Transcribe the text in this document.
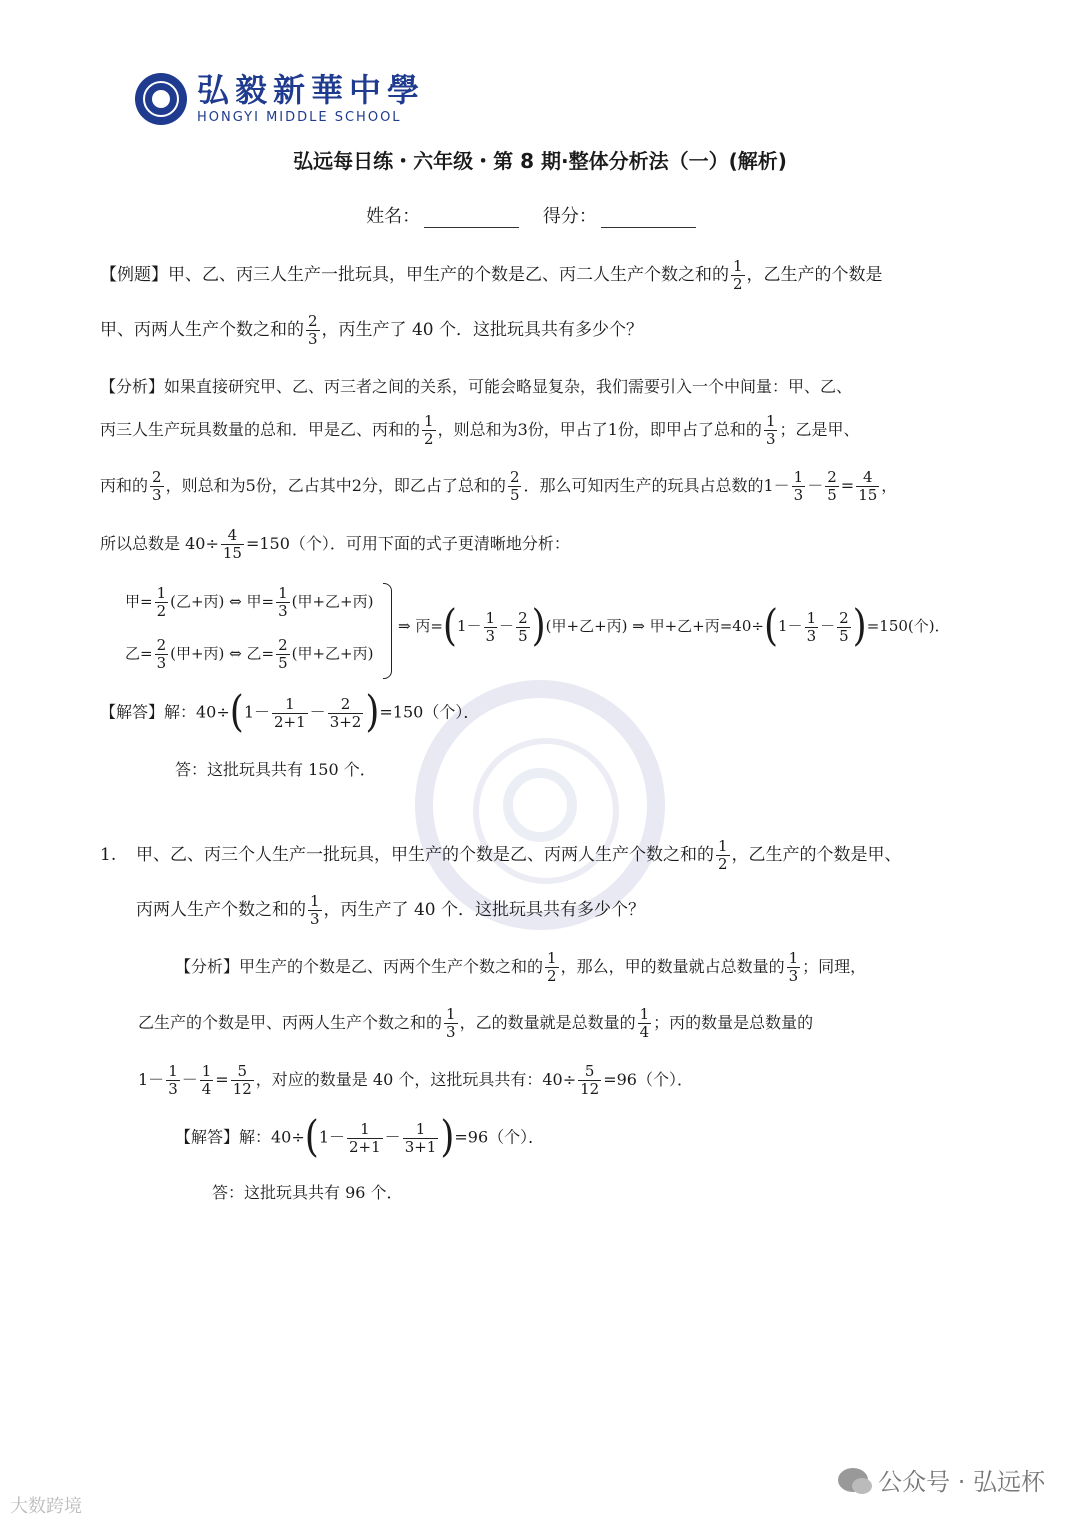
弘毅新華中學
HONGYI MIDDLE SCHOOL
弘远每日练・六年级・第 8 期·整体分析法（一）(解析)
姓名：	得分：
【例题】甲、乙、丙三人生产一批玩具，甲生产的个数是乙、丙二人生产个数之和的 $\frac{1}{2}$ ，乙生产的个数是
甲、丙两人生产个数之和的 $\frac{2}{3}$ ，丙生产了 40 个．这批玩具共有多少个？
【分析】如果直接研究甲、乙、丙三者之间的关系，可能会略显复杂，我们需要引入一个中间量：甲、乙、
丙三人生产玩具数量的总和．甲是乙、丙和的 $\frac{1}{2}$ ，则总和为3份，甲占了1份，即甲占了总和的 $\frac{1}{3}$ ；乙是甲、
丙和的 $\frac{2}{3}$ ，则总和为5份，乙占其中2分，即乙占了总和的 $\frac{2}{5}$ ．那么可知丙生产的玩具占总数的$1- \frac{1}{3} - \frac{2}{5} = \frac{4}{15}$ ，
所以总数是 $40\div \frac{4}{15} =150$（个）．可用下面的式子更清晰地分析：
甲= $\frac{1}{2}$ (乙+丙) ⇔ 甲= $\frac{1}{3}$ (甲+乙+丙)
乙= $\frac{2}{3}$ (甲+丙) ⇔ 乙= $\frac{2}{5}$ (甲+乙+丙)
⇒ 丙$=(1- \frac{1}{3} - \frac{2}{5}$ )(甲+乙+丙) ⇒ 甲+乙+丙$=40\div(1- \frac{1}{3} - \frac{2}{5} )=150$(个)．
【解答】解：$40\div(1- \frac{1}{2+1} - \frac{2}{3+2} )=150$（个）．
答：这批玩具共有 150 个．
1. 甲、乙、丙三个人生产一批玩具，甲生产的个数是乙、丙两人生产个数之和的 $\frac{1}{2}$ ，乙生产的个数是甲、
丙两人生产个数之和的 $\frac{1}{3}$ ，丙生产了 40 个．这批玩具共有多少个？
【分析】甲生产的个数是乙、丙两个生产个数之和的 $\frac{1}{2}$ ，那么，甲的数量就占总数量的 $\frac{1}{3}$ ；同理，
乙生产的个数是甲、丙两人生产个数之和的 $\frac{1}{3}$ ，乙的数量就是总数量的 $\frac{1}{4}$ ；丙的数量是总数量的
$1- \frac{1}{3} - \frac{1}{4} = \frac{5}{12}$ ，对应的数量是 40 个，这批玩具共有：$40\div \frac{5}{12} =96$（个）．
【解答】解：$40\div(1- \frac{1}{2+1} - \frac{1}{3+1} )=96$（个）．
答：这批玩具共有 96 个．
大数跨境
公众号 · 弘远杯
